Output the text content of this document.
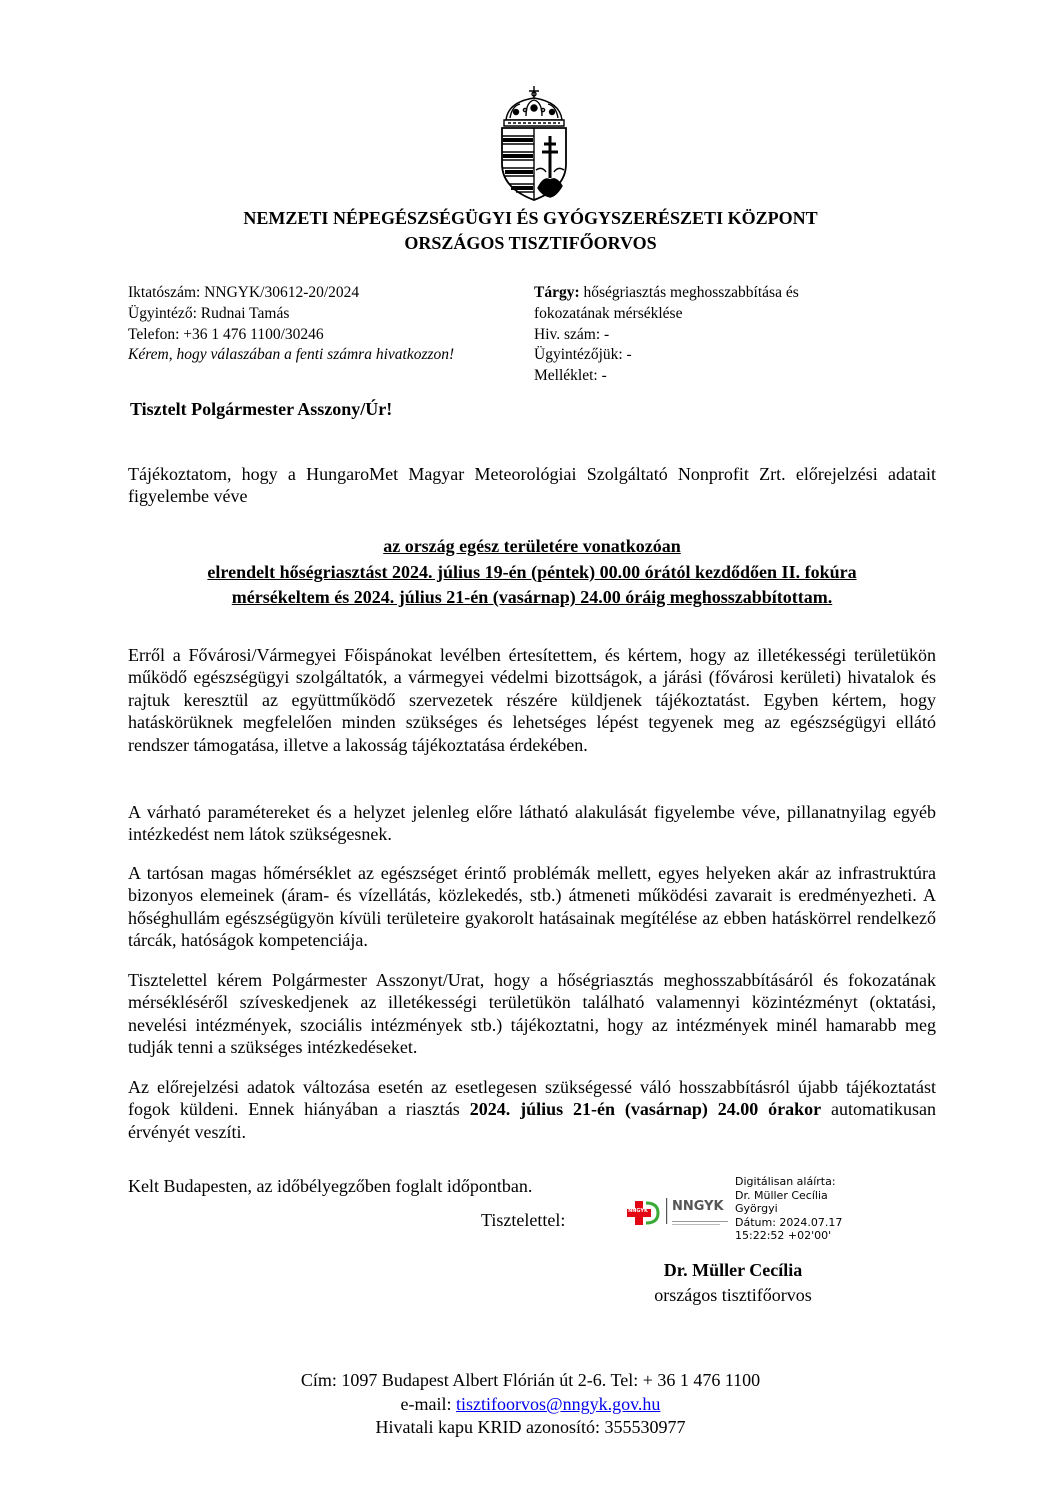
NEMZETI NÉPEGÉSZSÉGÜGYI ÉS GYÓGYSZERÉSZETI KÖZPONT
ORSZÁGOS TISZTIFŐORVOS
Iktatószám: NNGYK/30612-20/2024
Ügyintéző: Rudnai Tamás
Telefon: +36 1 476 1100/30246
Kérem, hogy válaszában a fenti számra hivatkozzon!
Tárgy: hőségriasztás meghosszabbítása és
fokozatának mérséklése
Hiv. szám: -
Ügyintézőjük: -
Melléklet: -
Tisztelt Polgármester Asszony/Úr!
Tájékoztatom, hogy a HungaroMet Magyar Meteorológiai Szolgáltató Nonprofit Zrt. előrejelzési adatait figyelembe véve
az ország egész területére vonatkozóan
elrendelt hőségriasztást 2024. július 19-én (péntek) 00.00 órától kezdődően II. fokúra
mérsékeltem és 2024. július 21-én (vasárnap) 24.00 óráig meghosszabbítottam.
Erről a Fővárosi/Vármegyei Főispánokat levélben értesítettem, és kértem, hogy az illetékességi területükön működő egészségügyi szolgáltatók, a vármegyei védelmi bizottságok, a járási (fővárosi kerületi) hivatalok és rajtuk keresztül az együttműködő szervezetek részére küldjenek tájékoztatást. Egyben kértem, hogy hatáskörüknek megfelelően minden szükséges és lehetséges lépést tegyenek meg az egészségügyi ellátó rendszer támogatása, illetve a lakosság tájékoztatása érdekében.
A várható paramétereket és a helyzet jelenleg előre látható alakulását figyelembe véve, pillanatnyilag egyéb intézkedést nem látok szükségesnek.
A tartósan magas hőmérséklet az egészséget érintő problémák mellett, egyes helyeken akár az infrastruktúra bizonyos elemeinek (áram- és vízellátás, közlekedés, stb.) átmeneti működési zavarait is eredményezheti. A hőséghullám egészségügyön kívüli területeire gyakorolt hatásainak megítélése az ebben hatáskörrel rendelkező tárcák, hatóságok kompetenciája.
Tisztelettel kérem Polgármester Asszonyt/Urat, hogy a hőségriasztás meghosszabbításáról és fokozatának mérsékléséről szíveskedjenek az illetékességi területükön található valamennyi közintézményt (oktatási, nevelési intézmények, szociális intézmények stb.) tájékoztatni, hogy az intézmények minél hamarabb meg tudják tenni a szükséges intézkedéseket.
Az előrejelzési adatok változása esetén az esetlegesen szükségessé váló hosszabbításról újabb tájékoztatást fogok küldeni. Ennek hiányában a riasztás 2024. július 21-én (vasárnap) 24.00 órakor automatikusan érvényét veszíti.
Kelt Budapesten, az időbélyegzőben foglalt időpontban.
Tisztelettel:	NNGYK NNGYK
Digitálisan aláírta:
Dr. Müller Cecília
Györgyi
Dátum: 2024.07.17
15:22:52 +02'00'
Dr. Müller Cecília
országos tisztifőorvos
Cím: 1097 Budapest Albert Flórián út 2-6. Tel: + 36 1 476 1100
e-mail: tisztifoorvos@nngyk.gov.hu
Hivatali kapu KRID azonosító: 355530977
